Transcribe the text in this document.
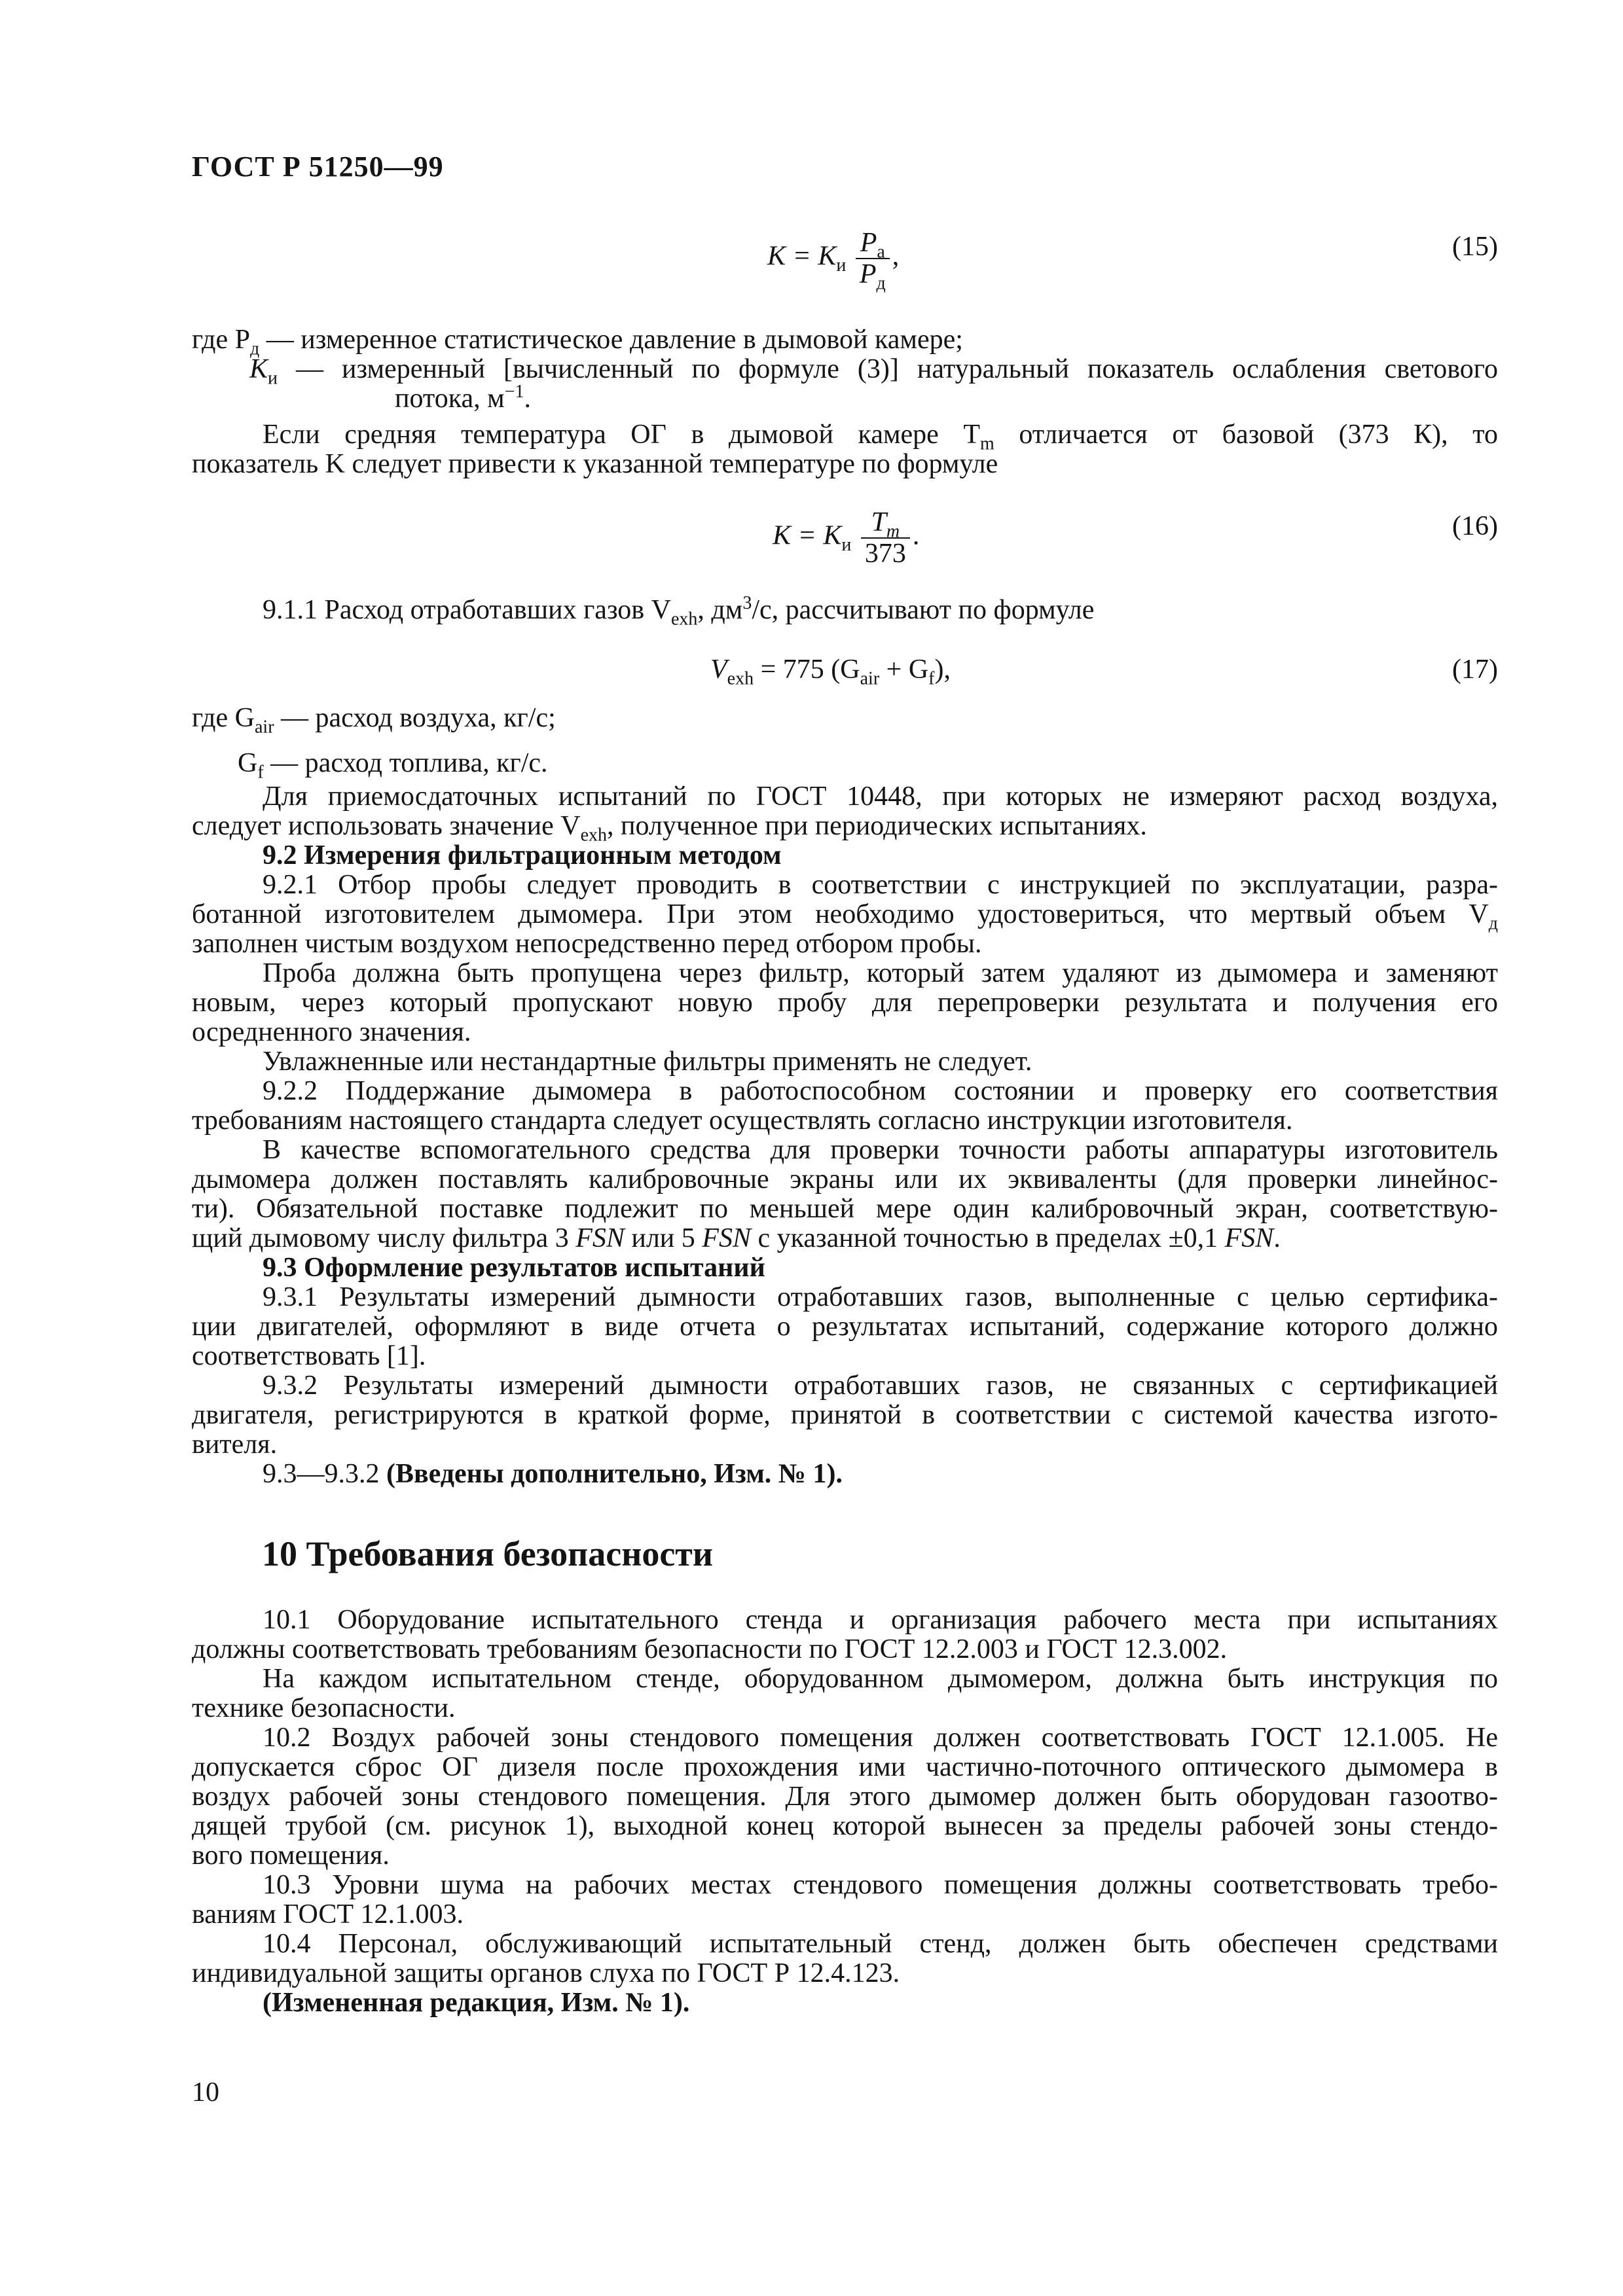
ГОСТ Р 51250—99
$K = K_и \frac{P_а}{P_д}$ ,	(15)

где $P_д$ — измеренное статистическое давление в дымовой камере;

$K_и$ — измеренный [вычисленный по формуле (3)] натуральный показатель ослабления светового

потока, $м^{-1}$.

Если средняя температура ОГ в дымовой камере $T_m$ отличается от базовой (373 К), то

показатель K следует привести к указанной температуре по формуле

$K = K_и \frac{T_m}{373}$ .	(16)

9.1.1 Расход отработавших газов $V_{exh}$, $дм^3/с$, рассчитывают по формуле

$V_{exh} = 775$ $(G_{air} + G_f)$,	(17)

где $G_{air}$ — расход воздуха, кг/с;

$G_f$ — расход топлива, кг/с.

Для приемосдаточных испытаний по ГОСТ 10448, при которых не измеряют расход воздуха,

следует использовать значение $V_{exh}$, полученное при периодических испытаниях.

9.2 Измерения фильтрационным методом

9.2.1 Отбор пробы следует проводить в соответствии с инструкцией по эксплуатации, разра-

ботанной изготовителем дымомера. При этом необходимо удостовериться, что мертвый объем $V_д$

заполнен чистым воздухом непосредственно перед отбором пробы.

Проба должна быть пропущена через фильтр, который затем удаляют из дымомера и заменяют

новым, через который пропускают новую пробу для перепроверки результата и получения его

осредненного значения.

Увлажненные или нестандартные фильтры применять не следует.

9.2.2 Поддержание дымомера в работоспособном состоянии и проверку его соответствия

требованиям настоящего стандарта следует осуществлять согласно инструкции изготовителя.

В качестве вспомогательного средства для проверки точности работы аппаратуры изготовитель

дымомера должен поставлять калибровочные экраны или их эквиваленты (для проверки линейнос-

ти). Обязательной поставке подлежит по меньшей мере один калибровочный экран, соответствую-

щий дымовому числу фильтра 3 FSN или 5 FSN с указанной точностью в пределах ±0,1 FSN.

9.3 Оформление результатов испытаний

9.3.1 Результаты измерений дымности отработавших газов, выполненные с целью сертифика-

ции двигателей, оформляют в виде отчета о результатах испытаний, содержание которого должно

соответствовать [1].

9.3.2 Результаты измерений дымности отработавших газов, не связанных с сертификацией

двигателя, регистрируются в краткой форме, принятой в соответствии с системой качества изгото-

вителя.

9.3—9.3.2 (Введены дополнительно, Изм. № 1).

10 Требования безопасности

10.1 Оборудование испытательного стенда и организация рабочего места при испытаниях

должны соответствовать требованиям безопасности по ГОСТ 12.2.003 и ГОСТ 12.3.002.

На каждом испытательном стенде, оборудованном дымомером, должна быть инструкция по

технике безопасности.

10.2 Воздух рабочей зоны стендового помещения должен соответствовать ГОСТ 12.1.005. Не

допускается сброс ОГ дизеля после прохождения ими частично-поточного оптического дымомера в

воздух рабочей зоны стендового помещения. Для этого дымомер должен быть оборудован газоотво-

дящей трубой (см. рисунок 1), выходной конец которой вынесен за пределы рабочей зоны стендо-

вого помещения.

10.3 Уровни шума на рабочих местах стендового помещения должны соответствовать требо-

ваниям ГОСТ 12.1.003.

10.4 Персонал, обслуживающий испытательный стенд, должен быть обеспечен средствами

индивидуальной защиты органов слуха по ГОСТ Р 12.4.123.

(Измененная редакция, Изм. № 1).

10
